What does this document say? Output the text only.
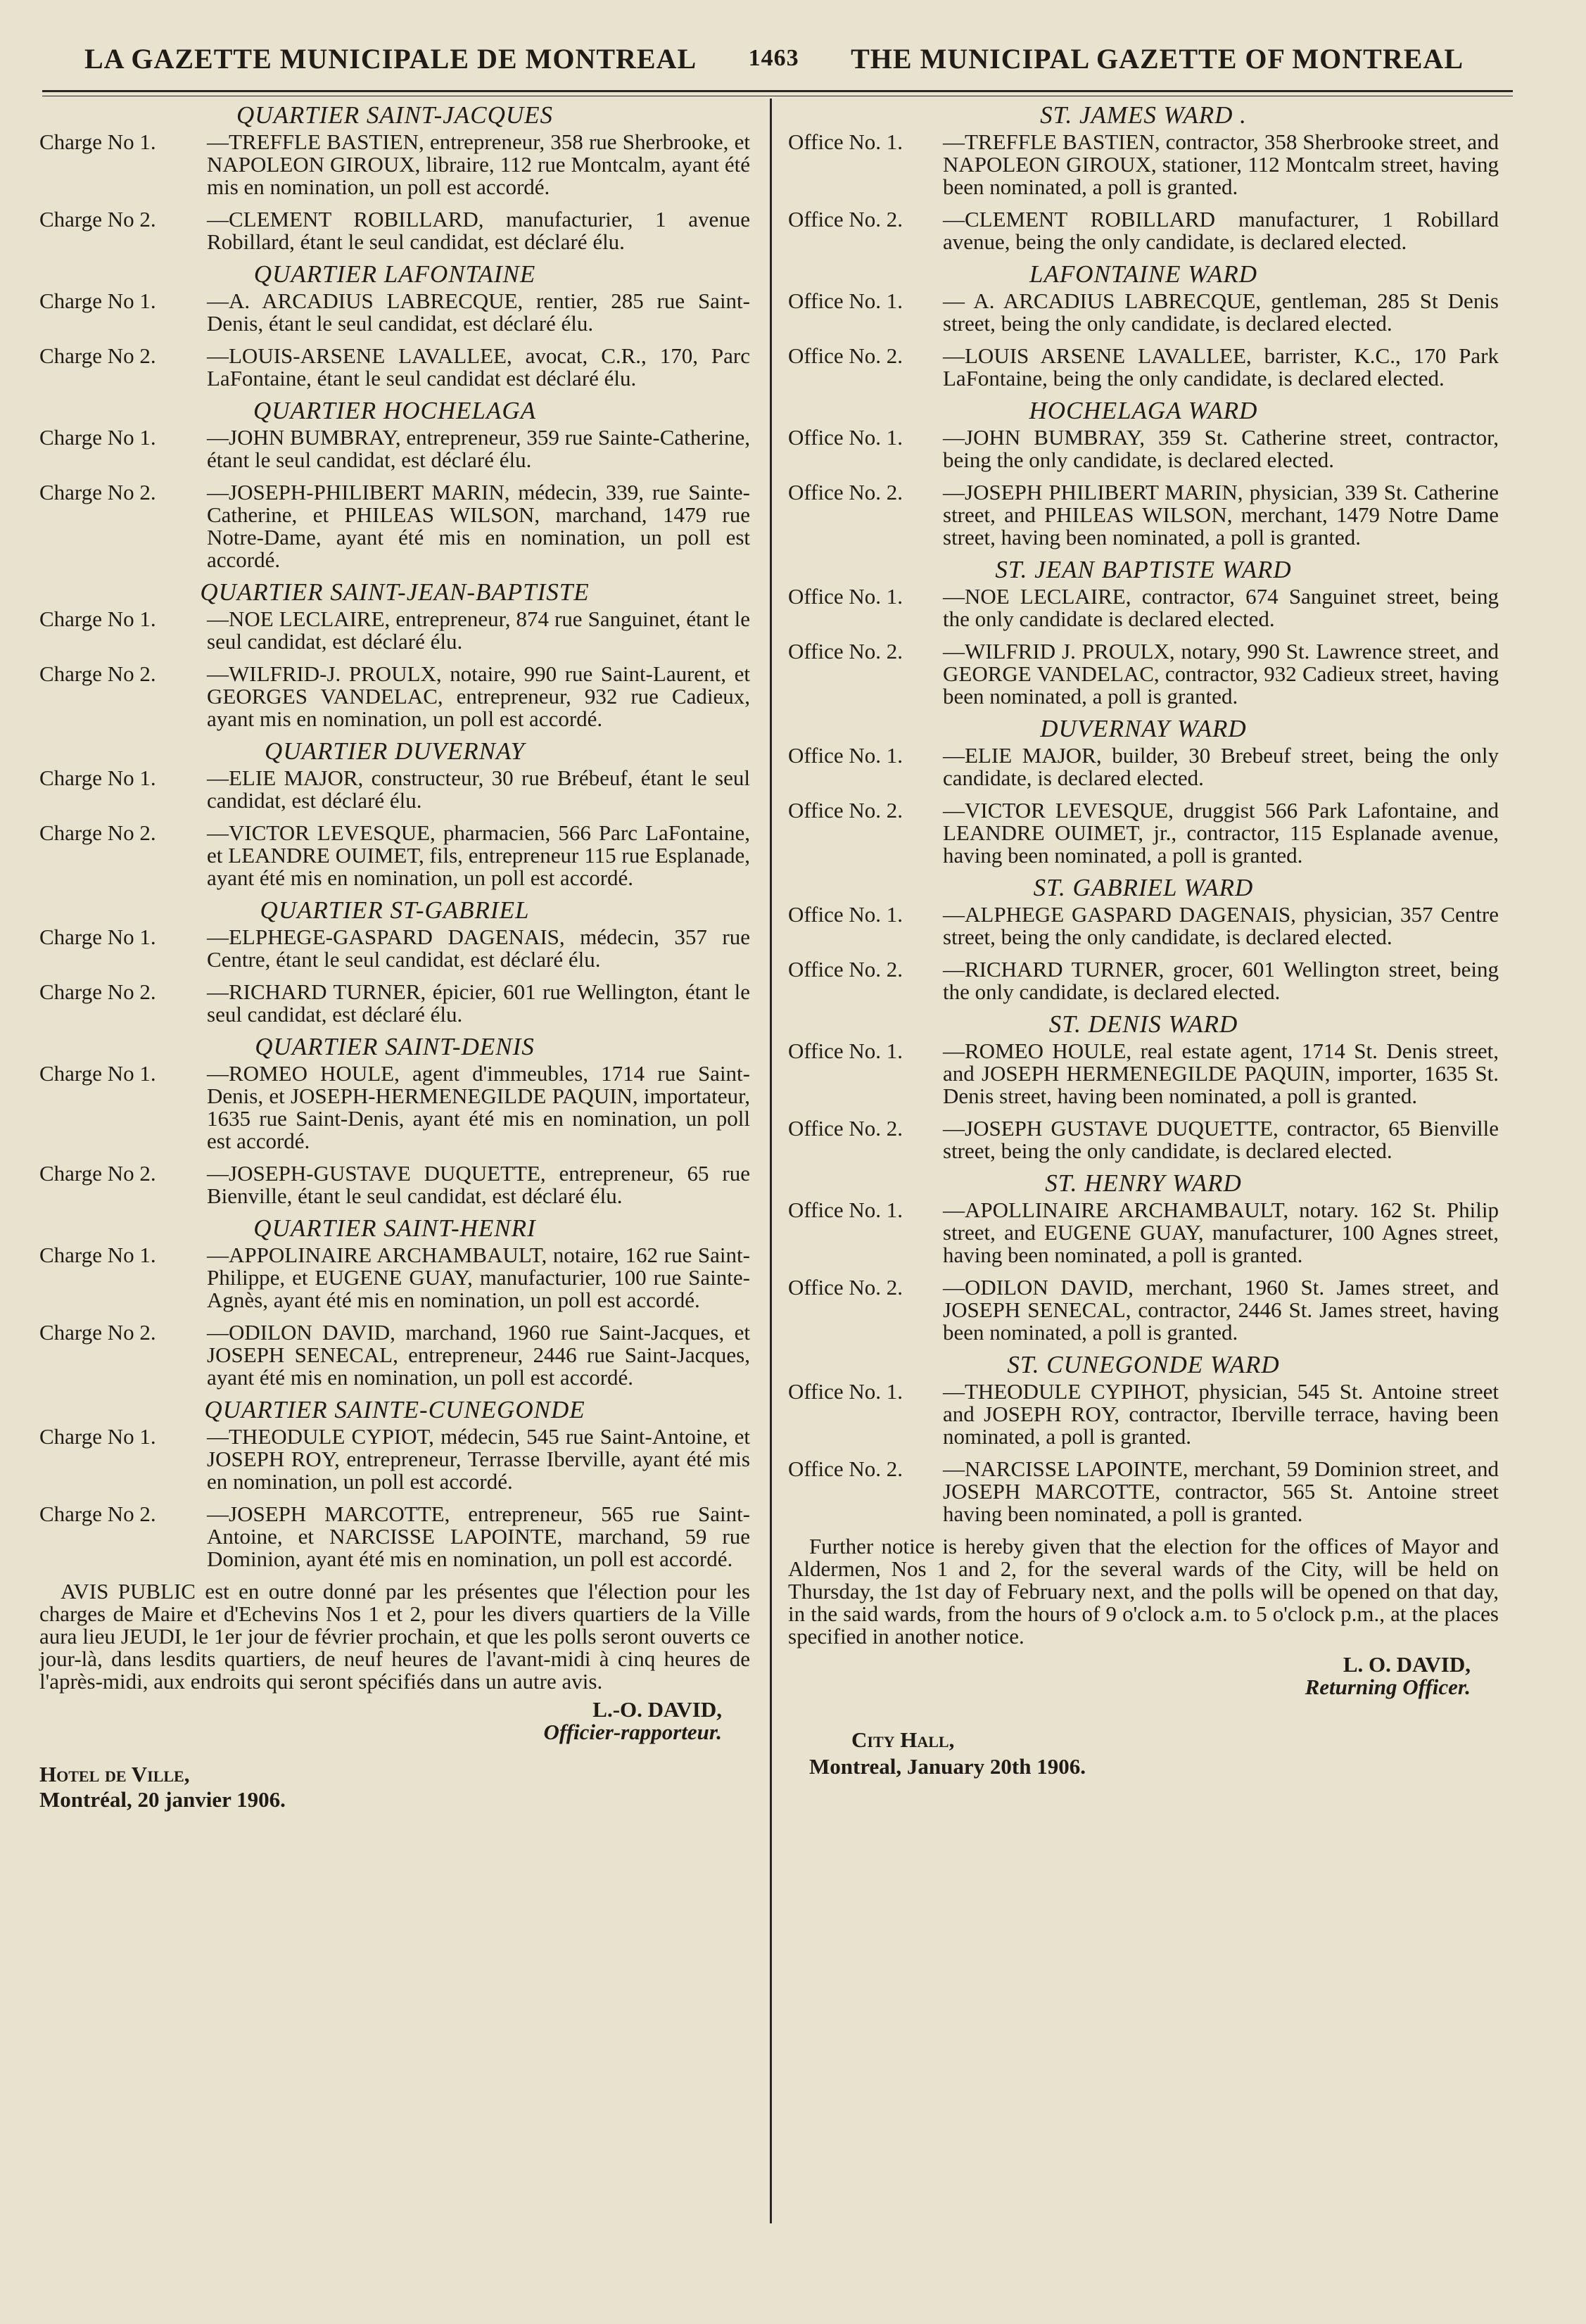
LA GAZETTE MUNICIPALE DE MONTREAL 1463 THE MUNICIPAL GAZETTE OF MONTREAL
QUARTIER SAINT-JACQUES
Charge No 1.	—TREFFLE BASTIEN, entrepreneur, 358 rue Sherbrooke, et NAPOLEON GIROUX, libraire, 112 rue Montcalm, ayant été mis en nomination, un poll est accordé.
Charge No 2.	—CLEMENT ROBILLARD, manufacturier, 1 avenue Robillard, étant le seul candidat, est déclaré élu.
QUARTIER LAFONTAINE
Charge No 1.	—A. ARCADIUS LABRECQUE, rentier, 285 rue Saint-Denis, étant le seul candidat, est déclaré élu.
Charge No 2.	—LOUIS-ARSENE LAVALLEE, avocat, C.R., 170, Parc LaFontaine, étant le seul candidat est déclaré élu.
QUARTIER HOCHELAGA
Charge No 1.	—JOHN BUMBRAY, entrepreneur, 359 rue Sainte-Catherine, étant le seul candidat, est déclaré élu.
Charge No 2.	—JOSEPH-PHILIBERT MARIN, médecin, 339, rue Sainte-Catherine, et PHILEAS WILSON, marchand, 1479 rue Notre-Dame, ayant été mis en nomination, un poll est accordé.
QUARTIER SAINT-JEAN-BAPTISTE
Charge No 1.	—NOE LECLAIRE, entrepreneur, 874 rue Sanguinet, étant le seul candidat, est déclaré élu.
Charge No 2.	—WILFRID-J. PROULX, notaire, 990 rue Saint-Laurent, et GEORGES VANDELAC, entrepreneur, 932 rue Cadieux, ayant mis en nomination, un poll est accordé.
QUARTIER DUVERNAY
Charge No 1.	—ELIE MAJOR, constructeur, 30 rue Brébeuf, étant le seul candidat, est déclaré élu.
Charge No 2.	—VICTOR LEVESQUE, pharmacien, 566 Parc LaFontaine, et LEANDRE OUIMET, fils, entrepreneur 115 rue Esplanade, ayant été mis en nomination, un poll est accordé.
QUARTIER ST-GABRIEL
Charge No 1.	—ELPHEGE-GASPARD DAGENAIS, médecin, 357 rue Centre, étant le seul candidat, est déclaré élu.
Charge No 2.	—RICHARD TURNER, épicier, 601 rue Wellington, étant le seul candidat, est déclaré élu.
QUARTIER SAINT-DENIS
Charge No 1.	—ROMEO HOULE, agent d'immeubles, 1714 rue Saint-Denis, et JOSEPH-HERMENEGILDE PAQUIN, importateur, 1635 rue Saint-Denis, ayant été mis en nomination, un poll est accordé.
Charge No 2.	—JOSEPH-GUSTAVE DUQUETTE, entrepreneur, 65 rue Bienville, étant le seul candidat, est déclaré élu.
QUARTIER SAINT-HENRI
Charge No 1.	—APPOLINAIRE ARCHAMBAULT, notaire, 162 rue Saint-Philippe, et EUGENE GUAY, manufacturier, 100 rue Sainte-Agnès, ayant été mis en nomination, un poll est accordé.
Charge No 2.	—ODILON DAVID, marchand, 1960 rue Saint-Jacques, et JOSEPH SENECAL, entrepreneur, 2446 rue Saint-Jacques, ayant été mis en nomination, un poll est accordé.
QUARTIER SAINTE-CUNEGONDE
Charge No 1.	—THEODULE CYPIOT, médecin, 545 rue Saint-Antoine, et JOSEPH ROY, entrepreneur, Terrasse Iberville, ayant été mis en nomination, un poll est accordé.
Charge No 2.	—JOSEPH MARCOTTE, entrepreneur, 565 rue Saint-Antoine, et NARCISSE LAPOINTE, marchand, 59 rue Dominion, ayant été mis en nomination, un poll est accordé.
AVIS PUBLIC est en outre donné par les présentes que l'élection pour les charges de Maire et d'Echevins Nos 1 et 2, pour les divers quartiers de la Ville aura lieu JEUDI, le 1er jour de février prochain, et que les polls seront ouverts ce jour-là, dans lesdits quartiers, de neuf heures de l'avant-midi à cinq heures de l'après-midi, aux endroits qui seront spécifiés dans un autre avis.
L.-O. DAVID,
Officier-rapporteur.
Hotel de Ville,
Montréal, 20 janvier 1906.
ST. JAMES WARD .
Office No. 1.	—TREFFLE BASTIEN, contractor, 358 Sherbrooke street, and NAPOLEON GIROUX, stationer, 112 Montcalm street, having been nominated, a poll is granted.
Office No. 2.	—CLEMENT ROBILLARD manufacturer, 1 Robillard avenue, being the only candidate, is declared elected.
LAFONTAINE WARD
Office No. 1.	— A. ARCADIUS LABRECQUE, gentleman, 285 St Denis street, being the only candidate, is declared elected.
Office No. 2.	—LOUIS ARSENE LAVALLEE, barrister, K.C., 170 Park LaFontaine, being the only candidate, is declared elected.
HOCHELAGA WARD
Office No. 1.	—JOHN BUMBRAY, 359 St. Catherine street, contractor, being the only candidate, is declared elected.
Office No. 2.	—JOSEPH PHILIBERT MARIN, physician, 339 St. Catherine street, and PHILEAS WILSON, merchant, 1479 Notre Dame street, having been nominated, a poll is granted.
ST. JEAN BAPTISTE WARD
Office No. 1.	—NOE LECLAIRE, contractor, 674 Sanguinet street, being the only candidate is declared elected.
Office No. 2.	—WILFRID J. PROULX, notary, 990 St. Lawrence street, and GEORGE VANDELAC, contractor, 932 Cadieux street, having been nominated, a poll is granted.
DUVERNAY WARD
Office No. 1.	—ELIE MAJOR, builder, 30 Brebeuf street, being the only candidate, is declared elected.
Office No. 2.	—VICTOR LEVESQUE, druggist 566 Park Lafontaine, and LEANDRE OUIMET, jr., contractor, 115 Esplanade avenue, having been nominated, a poll is granted.
ST. GABRIEL WARD
Office No. 1.	—ALPHEGE GASPARD DAGENAIS, physician, 357 Centre street, being the only candidate, is declared elected.
Office No. 2.	—RICHARD TURNER, grocer, 601 Wellington street, being the only candidate, is declared elected.
ST. DENIS WARD
Office No. 1.	—ROMEO HOULE, real estate agent, 1714 St. Denis street, and JOSEPH HERMENEGILDE PAQUIN, importer, 1635 St. Denis street, having been nominated, a poll is granted.
Office No. 2.	—JOSEPH GUSTAVE DUQUETTE, contractor, 65 Bienville street, being the only candidate, is declared elected.
ST. HENRY WARD
Office No. 1.	—APOLLINAIRE ARCHAMBAULT, notary. 162 St. Philip street, and EUGENE GUAY, manufacturer, 100 Agnes street, having been nominated, a poll is granted.
Office No. 2.	—ODILON DAVID, merchant, 1960 St. James street, and JOSEPH SENECAL, contractor, 2446 St. James street, having been nominated, a poll is granted.
ST. CUNEGONDE WARD
Office No. 1.	—THEODULE CYPIHOT, physician, 545 St. Antoine street and JOSEPH ROY, contractor, Iberville terrace, having been nominated, a poll is granted.
Office No. 2.	—NARCISSE LAPOINTE, merchant, 59 Dominion street, and JOSEPH MARCOTTE, contractor, 565 St. Antoine street having been nominated, a poll is granted.
Further notice is hereby given that the election for the offices of Mayor and Aldermen, Nos 1 and 2, for the several wards of the City, will be held on Thursday, the 1st day of February next, and the polls will be opened on that day, in the said wards, from the hours of 9 o'clock a.m. to 5 o'clock p.m., at the places specified in another notice.
L. O. DAVID,
Returning Officer.
City Hall,
Montreal, January 20th 1906.
